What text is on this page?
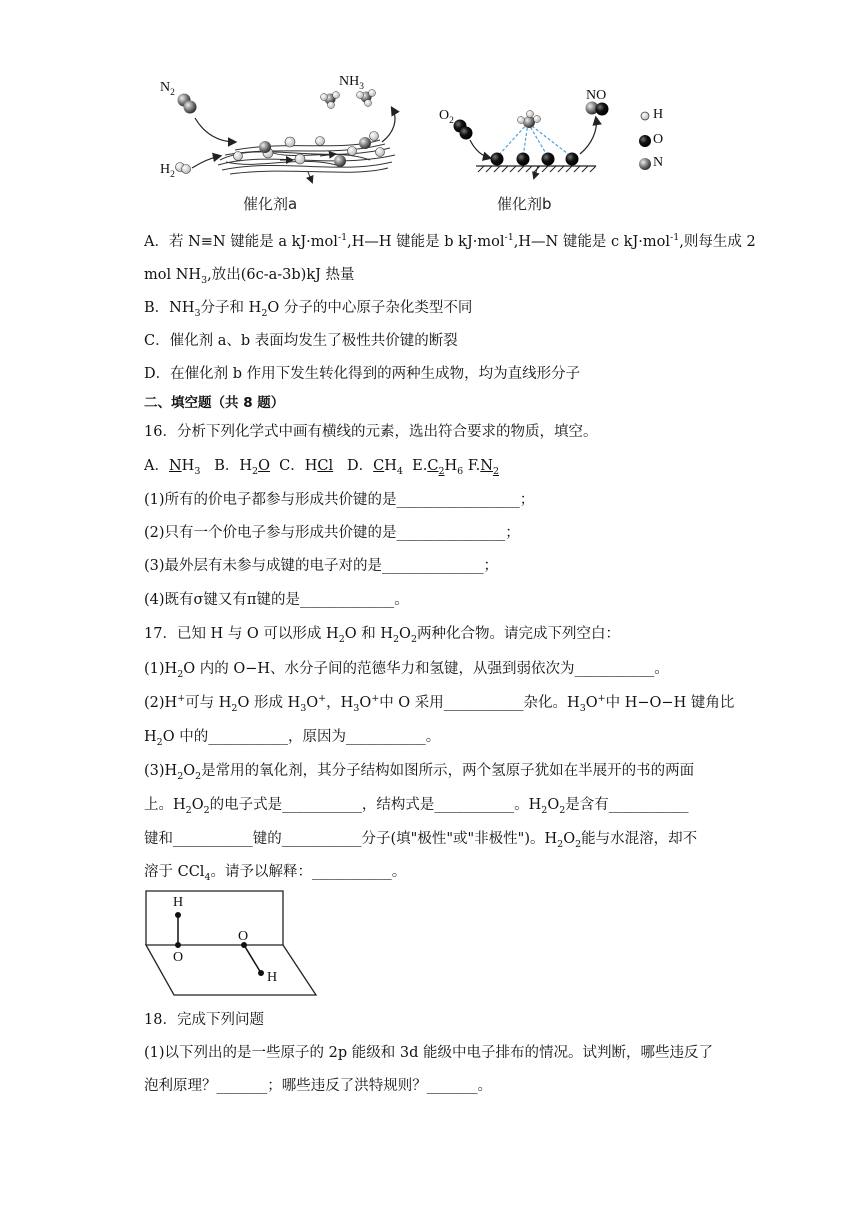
$N_2$
$H_2$
$NH_3$
催化剂a
$O_2$
NO
催化剂b
H
O
N
A．若 N≡N 键能是 a kJ·mol$^{-1}$,H—H 键能是 b kJ·mol$^{-1}$,H—N 键能是 c kJ·mol$^{-1}$,则每生成 2
mol $NH_3$,放出(6c-a-3b)kJ 热量
B．$NH_3$分子和 $H_2O$ 分子的中心原子杂化类型不同
C．催化剂 a、b 表面均发生了极性共价键的断裂
D．在催化剂 b 作用下发生转化得到的两种生成物，均为直线形分子
二、填空题（共 8 题）
16．分析下列化学式中画有横线的元素，选出符合要求的物质，填空。
A．$NH_3$ B．$H_2O$ C．HCl D．$CH_4$ $E.C_2H_6$ $F.N_2$
(1)所有的价电子都参与形成共价键的是_________________；
(2)只有一个价电子参与形成共价键的是_______________；
(3)最外层有未参与成键的电子对的是______________；
(4)既有σ键又有π键的是_____________。
17．已知 H 与 O 可以形成 $H_2O$ 和 $H_2O_2$两种化合物。请完成下列空白：
$(1)H_2O$ 内的 O−H、水分子间的范德华力和氢键，从强到弱依次为___________。
(2)H+可与 $H_2O$ 形成 $H_3O^+$，$H_3O^+$中 O 采用___________杂化。$H_3O^+$中 H−O−H 键角比
$H_2O$ 中的___________，原因为___________。
$(3)H_2O_2$是常用的氧化剂，其分子结构如图所示，两个氢原子犹如在半展开的书的两面
上。$H_2O_2$的电子式是___________，结构式是___________。$H_2O_2$是含有___________
键和___________键的___________分子(填"极性"或"非极性")。$H_2O_2$能与水混溶，却不
溶于 CCl$_4$。请予以解释：___________。
H
O
O
H
18．完成下列问题
(1)以下列出的是一些原子的 2p 能级和 3d 能级中电子排布的情况。试判断，哪些违反了
泡利原理？_______；哪些违反了洪特规则？_______。
